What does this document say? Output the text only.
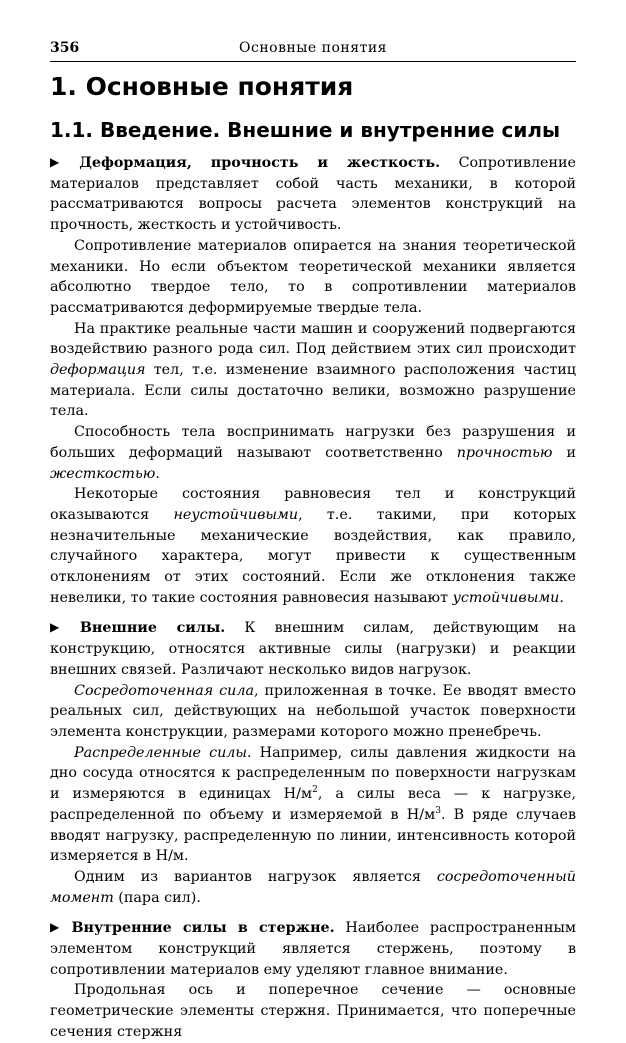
356	Основные понятия
1. Основные понятия
1.1. Введение. Внешние и внутренние силы

▶ Деформация, прочность и жесткость. Сопротивление материалов представляет собой часть механики, в которой рассматриваются вопросы расчета элементов конструкций на прочность, жесткость и устойчивость.

Сопротивление материалов опирается на знания теоретической механики. Но если объектом теоретической механики является абсолютно твердое тело, то в сопротивлении материалов рассматриваются деформируемые твердые тела.

На практике реальные части машин и сооружений подвергаются воздействию разного рода сил. Под действием этих сил происходит деформация тел, т.е. изменение взаимного расположения частиц материала. Если силы достаточно велики, возможно разрушение тела.

Способность тела воспринимать нагрузки без разрушения и больших деформаций называют соответственно прочностью и жесткостью.

Некоторые состояния равновесия тел и конструкций оказываются неустойчивыми, т.е. такими, при которых незначительные механические воздействия, как правило, случайного характера, могут привести к существенным отклонениям от этих состояний. Если же отклонения также невелики, то такие состояния равновесия называют устойчивыми.

▶ Внешние силы. К внешним силам, действующим на конструкцию, относятся активные силы (нагрузки) и реакции внешних связей. Различают несколько видов нагрузок.

Сосредоточенная сила, приложенная в точке. Ее вводят вместо реальных сил, действующих на небольшой участок поверхности элемента конструкции, размерами которого можно пренебречь.

Распределенные силы. Например, силы давления жидкости на дно сосуда относятся к распределенным по поверхности нагрузкам и измеряются в единицах $Н/м^2$, а силы веса — к нагрузке, распределенной по объему и измеряемой в $Н/м^3$. В ряде случаев вводят нагрузку, распределенную по линии, интенсивность которой измеряется в Н/м.

Одним из вариантов нагрузок является сосредоточенный момент (пара сил).

▶ Внутренние силы в стержне. Наиболее распространенным элементом конструкций является стержень, поэтому в сопротивлении материалов ему уделяют главное внимание.

Продольная ось и поперечное сечение — основные геометрические элементы стержня. Принимается, что поперечные сечения стержня
